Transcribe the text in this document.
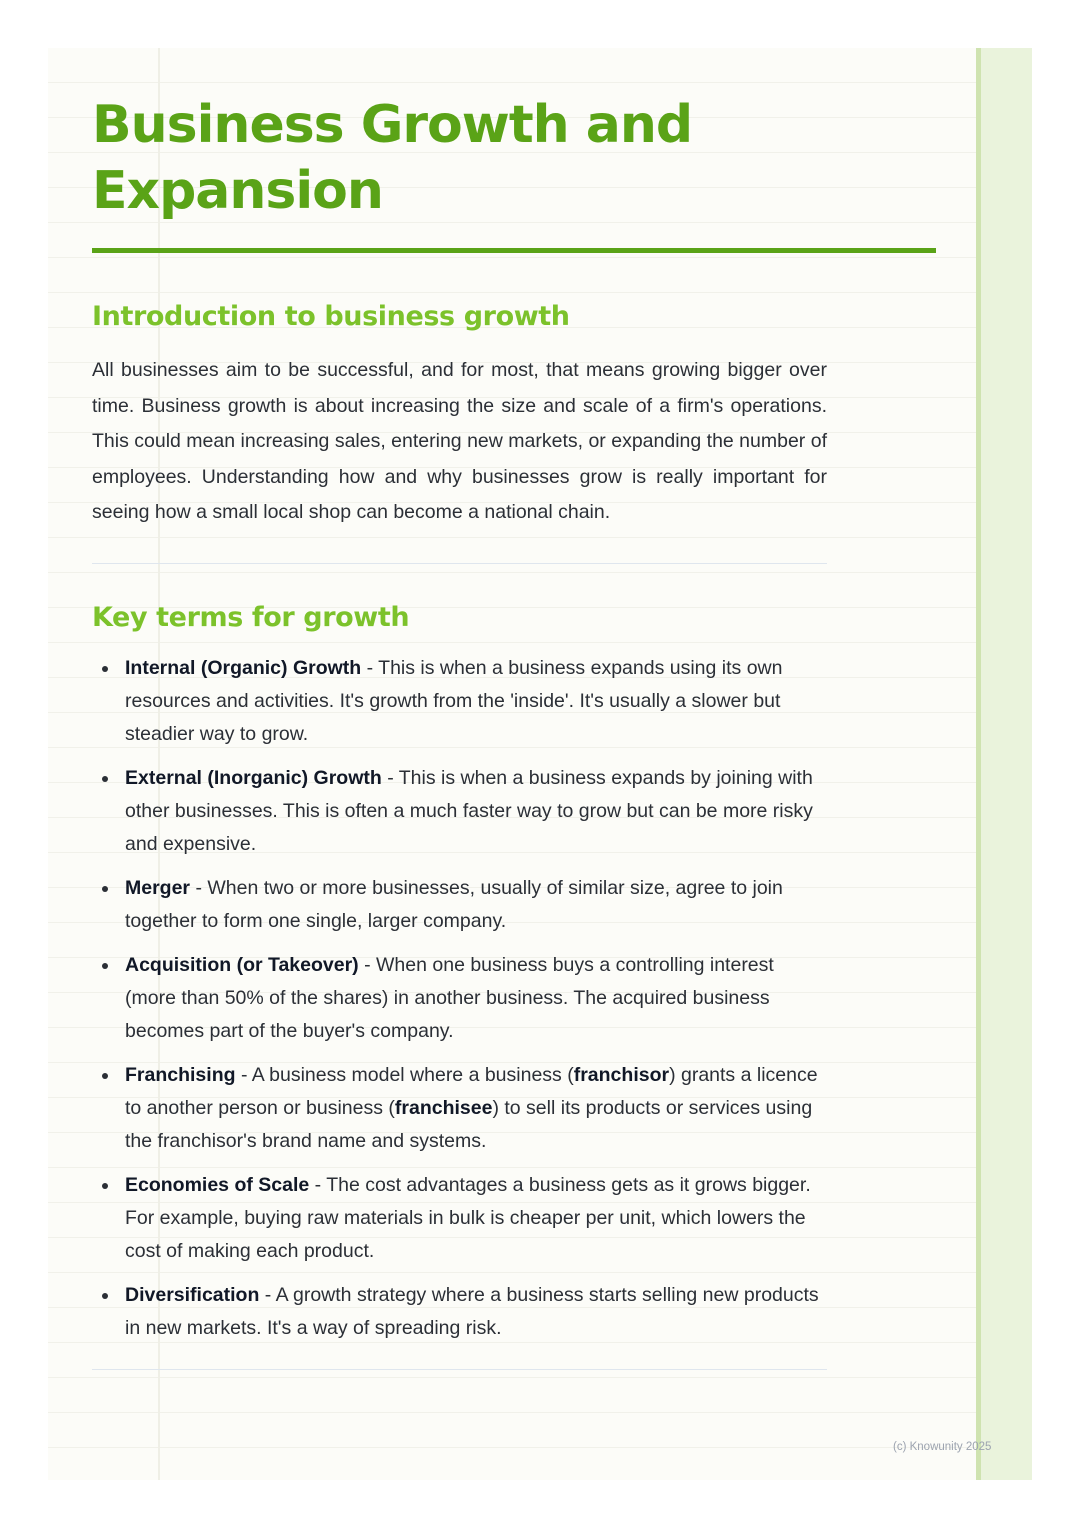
Business Growth and Expansion
Introduction to business growth

All businesses aim to be successful, and for most, that means growing bigger over time. Business growth is about increasing the size and scale of a firm's operations. This could mean increasing sales, entering new markets, or expanding the number of employees. Understanding how and why businesses grow is really important for seeing how a small local shop can become a national chain.

Key terms for growth
Internal (Organic) Growth - This is when a business expands using its own resources and activities. It's growth from the 'inside'. It's usually a slower but steadier way to grow.
External (Inorganic) Growth - This is when a business expands by joining with other businesses. This is often a much faster way to grow but can be more risky and expensive.
Merger - When two or more businesses, usually of similar size, agree to join together to form one single, larger company.
Acquisition (or Takeover) - When one business buys a controlling interest (more than 50% of the shares) in another business. The acquired business becomes part of the buyer's company.
Franchising - A business model where a business (franchisor) grants a licence to another person or business (franchisee) to sell its products or services using the franchisor's brand name and systems.
Economies of Scale - The cost advantages a business gets as it grows bigger. For example, buying raw materials in bulk is cheaper per unit, which lowers the cost of making each product.
Diversification - A growth strategy where a business starts selling new products in new markets. It's a way of spreading risk.
(c) Knowunity 2025
